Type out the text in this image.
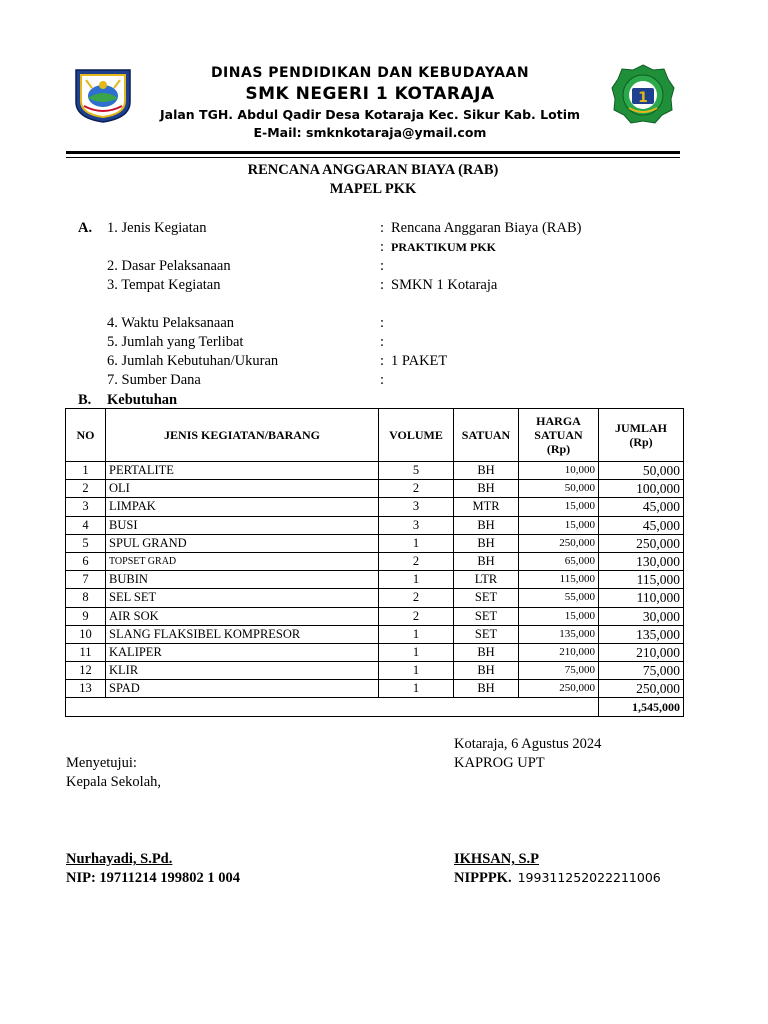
1
DINAS PENDIDIKAN DAN KEBUDAYAAN
SMK NEGERI 1 KOTARAJA
Jalan TGH. Abdul Qadir Desa Kotaraja Kec. Sikur Kab. Lotim
E-Mail: smknkotaraja@ymail.com
RENCANA ANGGARAN BIAYA (RAB)
MAPEL PKK
A. 1. Jenis Kegiatan	: Rencana Anggaran Biaya (RAB)
: PRAKTIKUM PKK
2. Dasar Pelaksanaan	:
3. Tempat Kegiatan	: SMKN 1 Kotaraja
4. Waktu Pelaksanaan	:
5. Jumlah yang Terlibat	:
6. Jumlah Kebutuhan/Ukuran	: 1 PAKET
7. Sumber Dana	:
B. Kebutuhan
NO	JENIS KEGIATAN/BARANG	VOLUME	SATUAN	HARGA SATUAN (Rp)	JUMLAH (Rp)
1	PERTALITE	5	BH	10,000	50,000
2	OLI	2	BH	50,000	100,000
3	LIMPAK	3	MTR	15,000	45,000
4	BUSI	3	BH	15,000	45,000
5	SPUL GRAND	1	BH	250,000	250,000
6	TOPSET GRAD	2	BH	65,000	130,000
7	BUBIN	1	LTR	115,000	115,000
8	SEL SET	2	SET	55,000	110,000
9	AIR SOK	2	SET	15,000	30,000
10	SLANG FLAKSIBEL KOMPRESOR	1	SET	135,000	135,000
11	KALIPER	1	BH	210,000	210,000
12	KLIR	1	BH	75,000	75,000
13	SPAD	1	BH	250,000	250,000
					1,545,000
Kotaraja, 6 Agustus 2024
KAPROG UPT
Menyetujui:
Kepala Sekolah,
Nurhayadi, S.Pd.
NIP: 19711214 199802 1 004
IKHSAN, S.P
NIPPPK. 199311252022211006
